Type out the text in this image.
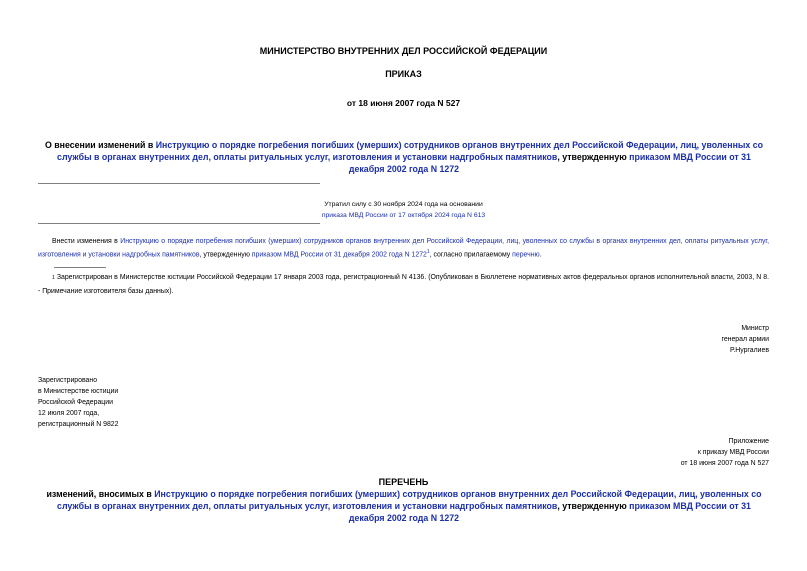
МИНИСТЕРСТВО ВНУТРЕННИХ ДЕЛ РОССИЙСКОЙ ФЕДЕРАЦИИ
ПРИКАЗ
от 18 июня 2007 года N 527
О внесении изменений в Инструкцию о порядке погребения погибших (умерших) сотрудников органов внутренних дел Российской Федерации, лиц, уволенных со службы в органах внутренних дел, оплаты ритуальных услуг, изготовления и установки надгробных памятников, утвержденную приказом МВД России от 31 декабря 2002 года N 1272
Утратил силу с 30 ноября 2024 года на основании
приказа МВД России от 17 октября 2024 года N 613
Внести изменения в Инструкцию о порядке погребения погибших (умерших) сотрудников органов внутренних дел Российской Федерации, лиц, уволенных со службы в органах внутренних дел, оплаты ритуальных услуг, изготовления и установки надгробных памятников, утвержденную приказом МВД России от 31 декабря 2002 года N 1272$^1$, согласно прилагаемому перечню.
$^1$ Зарегистрирован в Министерстве юстиции Российской Федерации 17 января 2003 года, регистрационный N 4136. (Опубликован в Бюллетене нормативных актов федеральных органов исполнительной власти, 2003, N 8. - Примечание изготовителя базы данных).
Министр
генерал армии
Р.Нургалиев
Зарегистрировано
в Министерстве юстиции
Российской Федерации
12 июля 2007 года,
регистрационный N 9822
Приложение
к приказу МВД России
от 18 июня 2007 года N 527
ПЕРЕЧЕНЬ
изменений, вносимых в Инструкцию о порядке погребения погибших (умерших) сотрудников органов внутренних дел Российской Федерации, лиц, уволенных со службы в органах внутренних дел, оплаты ритуальных услуг, изготовления и установки надгробных памятников, утвержденную приказом МВД России от 31 декабря 2002 года N 1272
